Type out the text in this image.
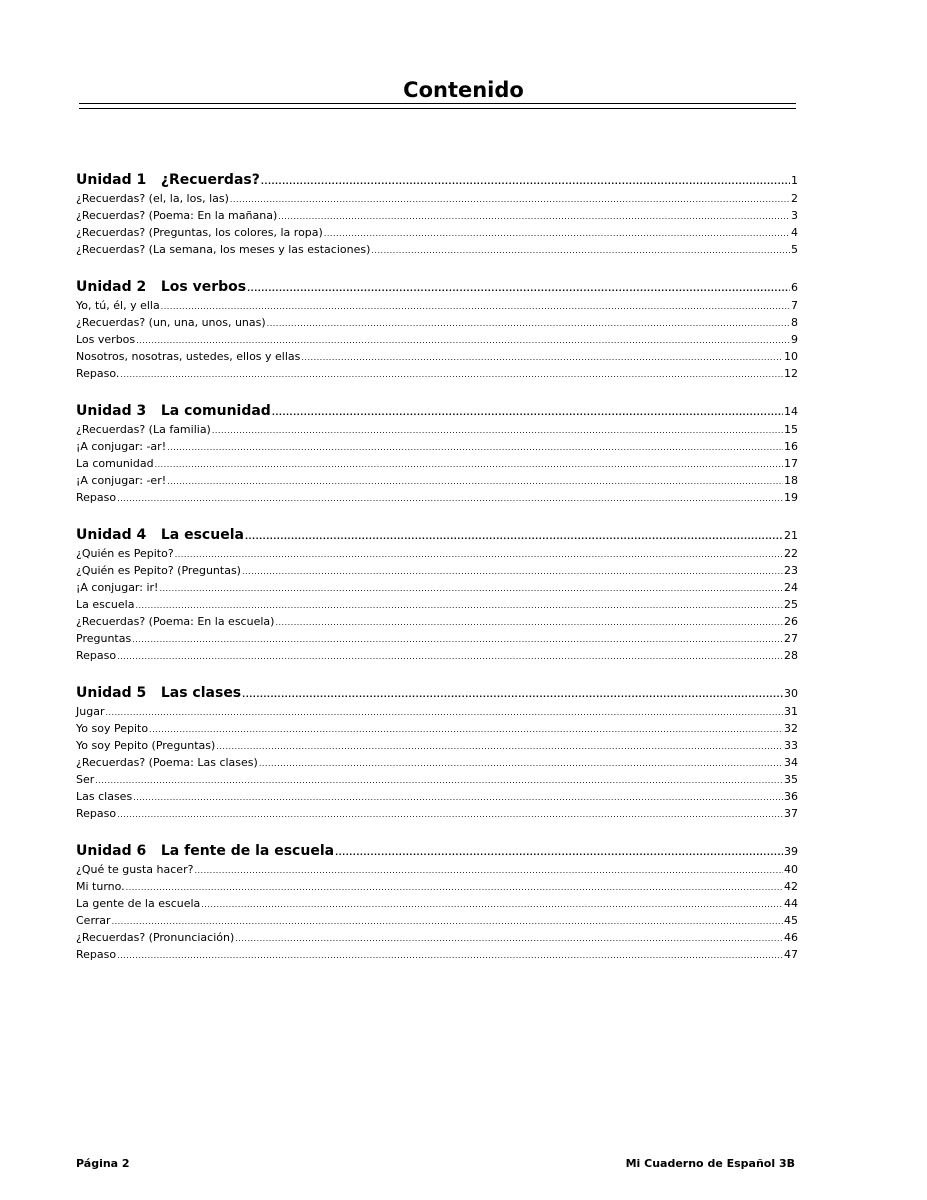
Contenido
Unidad 1   ¿Recuerdas? .....	1
¿Recuerdas? (el, la, los, las) .....	2
¿Recuerdas? (Poema: En la mañana) .....	3
¿Recuerdas? (Preguntas, los colores, la ropa) .....	4
¿Recuerdas? (La semana, los meses y las estaciones) .....	5
Unidad 2   Los verbos .....	6
Yo, tú, él, y ella .....	7
¿Recuerdas? (un, una, unos, unas) .....	8
Los verbos .....	9
Nosotros, nosotras, ustedes, ellos y ellas .....	10
Repaso. .....	12
Unidad 3   La comunidad .....	14
¿Recuerdas? (La familia) .....	15
¡A conjugar: -ar! .....	16
La comunidad .....	17
¡A conjugar: -er! .....	18
Repaso .....	19
Unidad 4   La escuela .....	21
¿Quién es Pepito? .....	22
¿Quién es Pepito? (Preguntas) .....	23
¡A conjugar: ir! .....	24
La escuela .....	25
¿Recuerdas? (Poema: En la escuela) .....	26
Preguntas .....	27
Repaso .....	28
Unidad 5   Las clases .....	30
Jugar .....	31
Yo soy Pepito .....	32
Yo soy Pepito (Preguntas) .....	33
¿Recuerdas? (Poema: Las clases) .....	34
Ser .....	35
Las clases .....	36
Repaso .....	37
Unidad 6   La fente de la escuela .....	39
¿Qué te gusta hacer? .....	40
Mi turno. .....	42
La gente de la escuela .....	44
Cerrar .....	45
¿Recuerdas? (Pronunciación) .....	46
Repaso .....	47
Página 2	Mi Cuaderno de Español 3B
